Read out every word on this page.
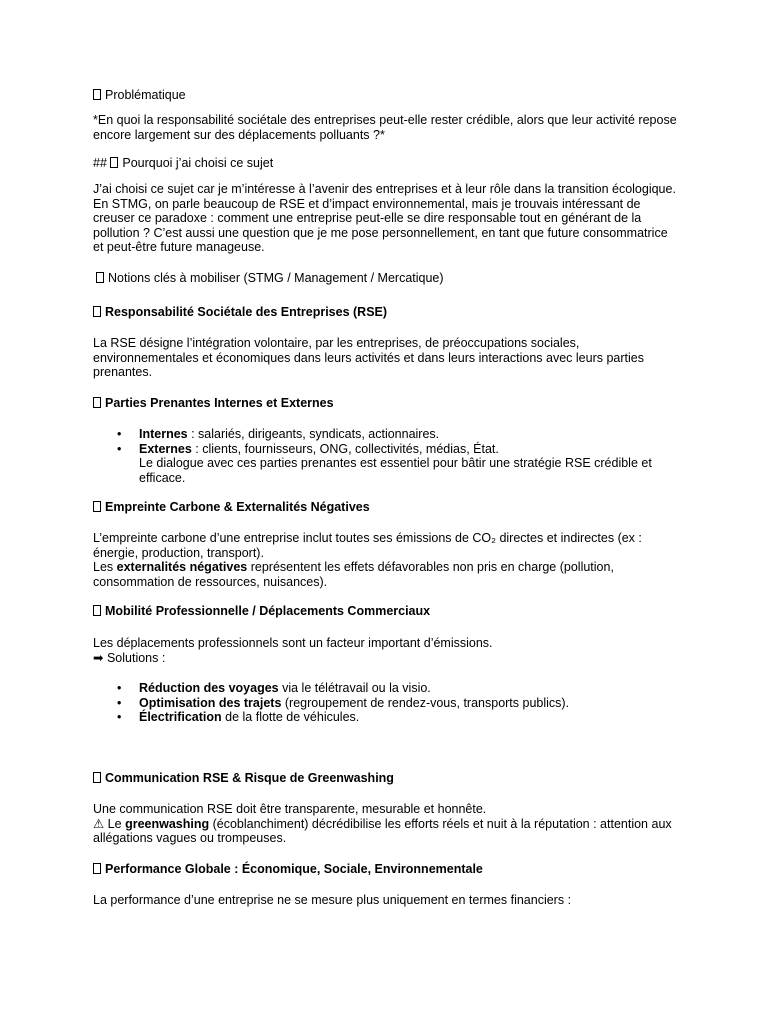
Problématique

*En quoi la responsabilité sociétale des entreprises peut-elle rester crédible, alors que leur activité repose encore largement sur des déplacements polluants ?*

## Pourquoi j’ai choisi ce sujet

J’ai choisi ce sujet car je m’intéresse à l’avenir des entreprises et à leur rôle dans la transition écologique. En STMG, on parle beaucoup de RSE et d’impact environnemental, mais je trouvais intéressant de creuser ce paradoxe : comment une entreprise peut-elle se dire responsable tout en générant de la pollution ? C’est aussi une question que je me pose personnellement, en tant que future consommatrice et peut-être future manageuse.

Notions clés à mobiliser (STMG / Management / Mercatique)

Responsabilité Sociétale des Entreprises (RSE)

La RSE désigne l’intégration volontaire, par les entreprises, de préoccupations sociales, environnementales et économiques dans leurs activités et dans leurs interactions avec leurs parties prenantes.

Parties Prenantes Internes et Externes

• Internes : salariés, dirigeants, syndicats, actionnaires.
• Externes : clients, fournisseurs, ONG, collectivités, médias, État.
Le dialogue avec ces parties prenantes est essentiel pour bâtir une stratégie RSE crédible et efficace.

Empreinte Carbone & Externalités Négatives

L’empreinte carbone d’une entreprise inclut toutes ses émissions de CO₂ directes et indirectes (ex : énergie, production, transport).
Les externalités négatives représentent les effets défavorables non pris en charge (pollution, consommation de ressources, nuisances).

Mobilité Professionnelle / Déplacements Commerciaux

Les déplacements professionnels sont un facteur important d’émissions.
➡ Solutions :

• Réduction des voyages via le télétravail ou la visio.
• Optimisation des trajets (regroupement de rendez-vous, transports publics).
• Électrification de la flotte de véhicules.

Communication RSE & Risque de Greenwashing

Une communication RSE doit être transparente, mesurable et honnête.
⚠ Le greenwashing (écoblanchiment) décrédibilise les efforts réels et nuit à la réputation : attention aux allégations vagues ou trompeuses.

Performance Globale : Économique, Sociale, Environnementale

La performance d’une entreprise ne se mesure plus uniquement en termes financiers :
